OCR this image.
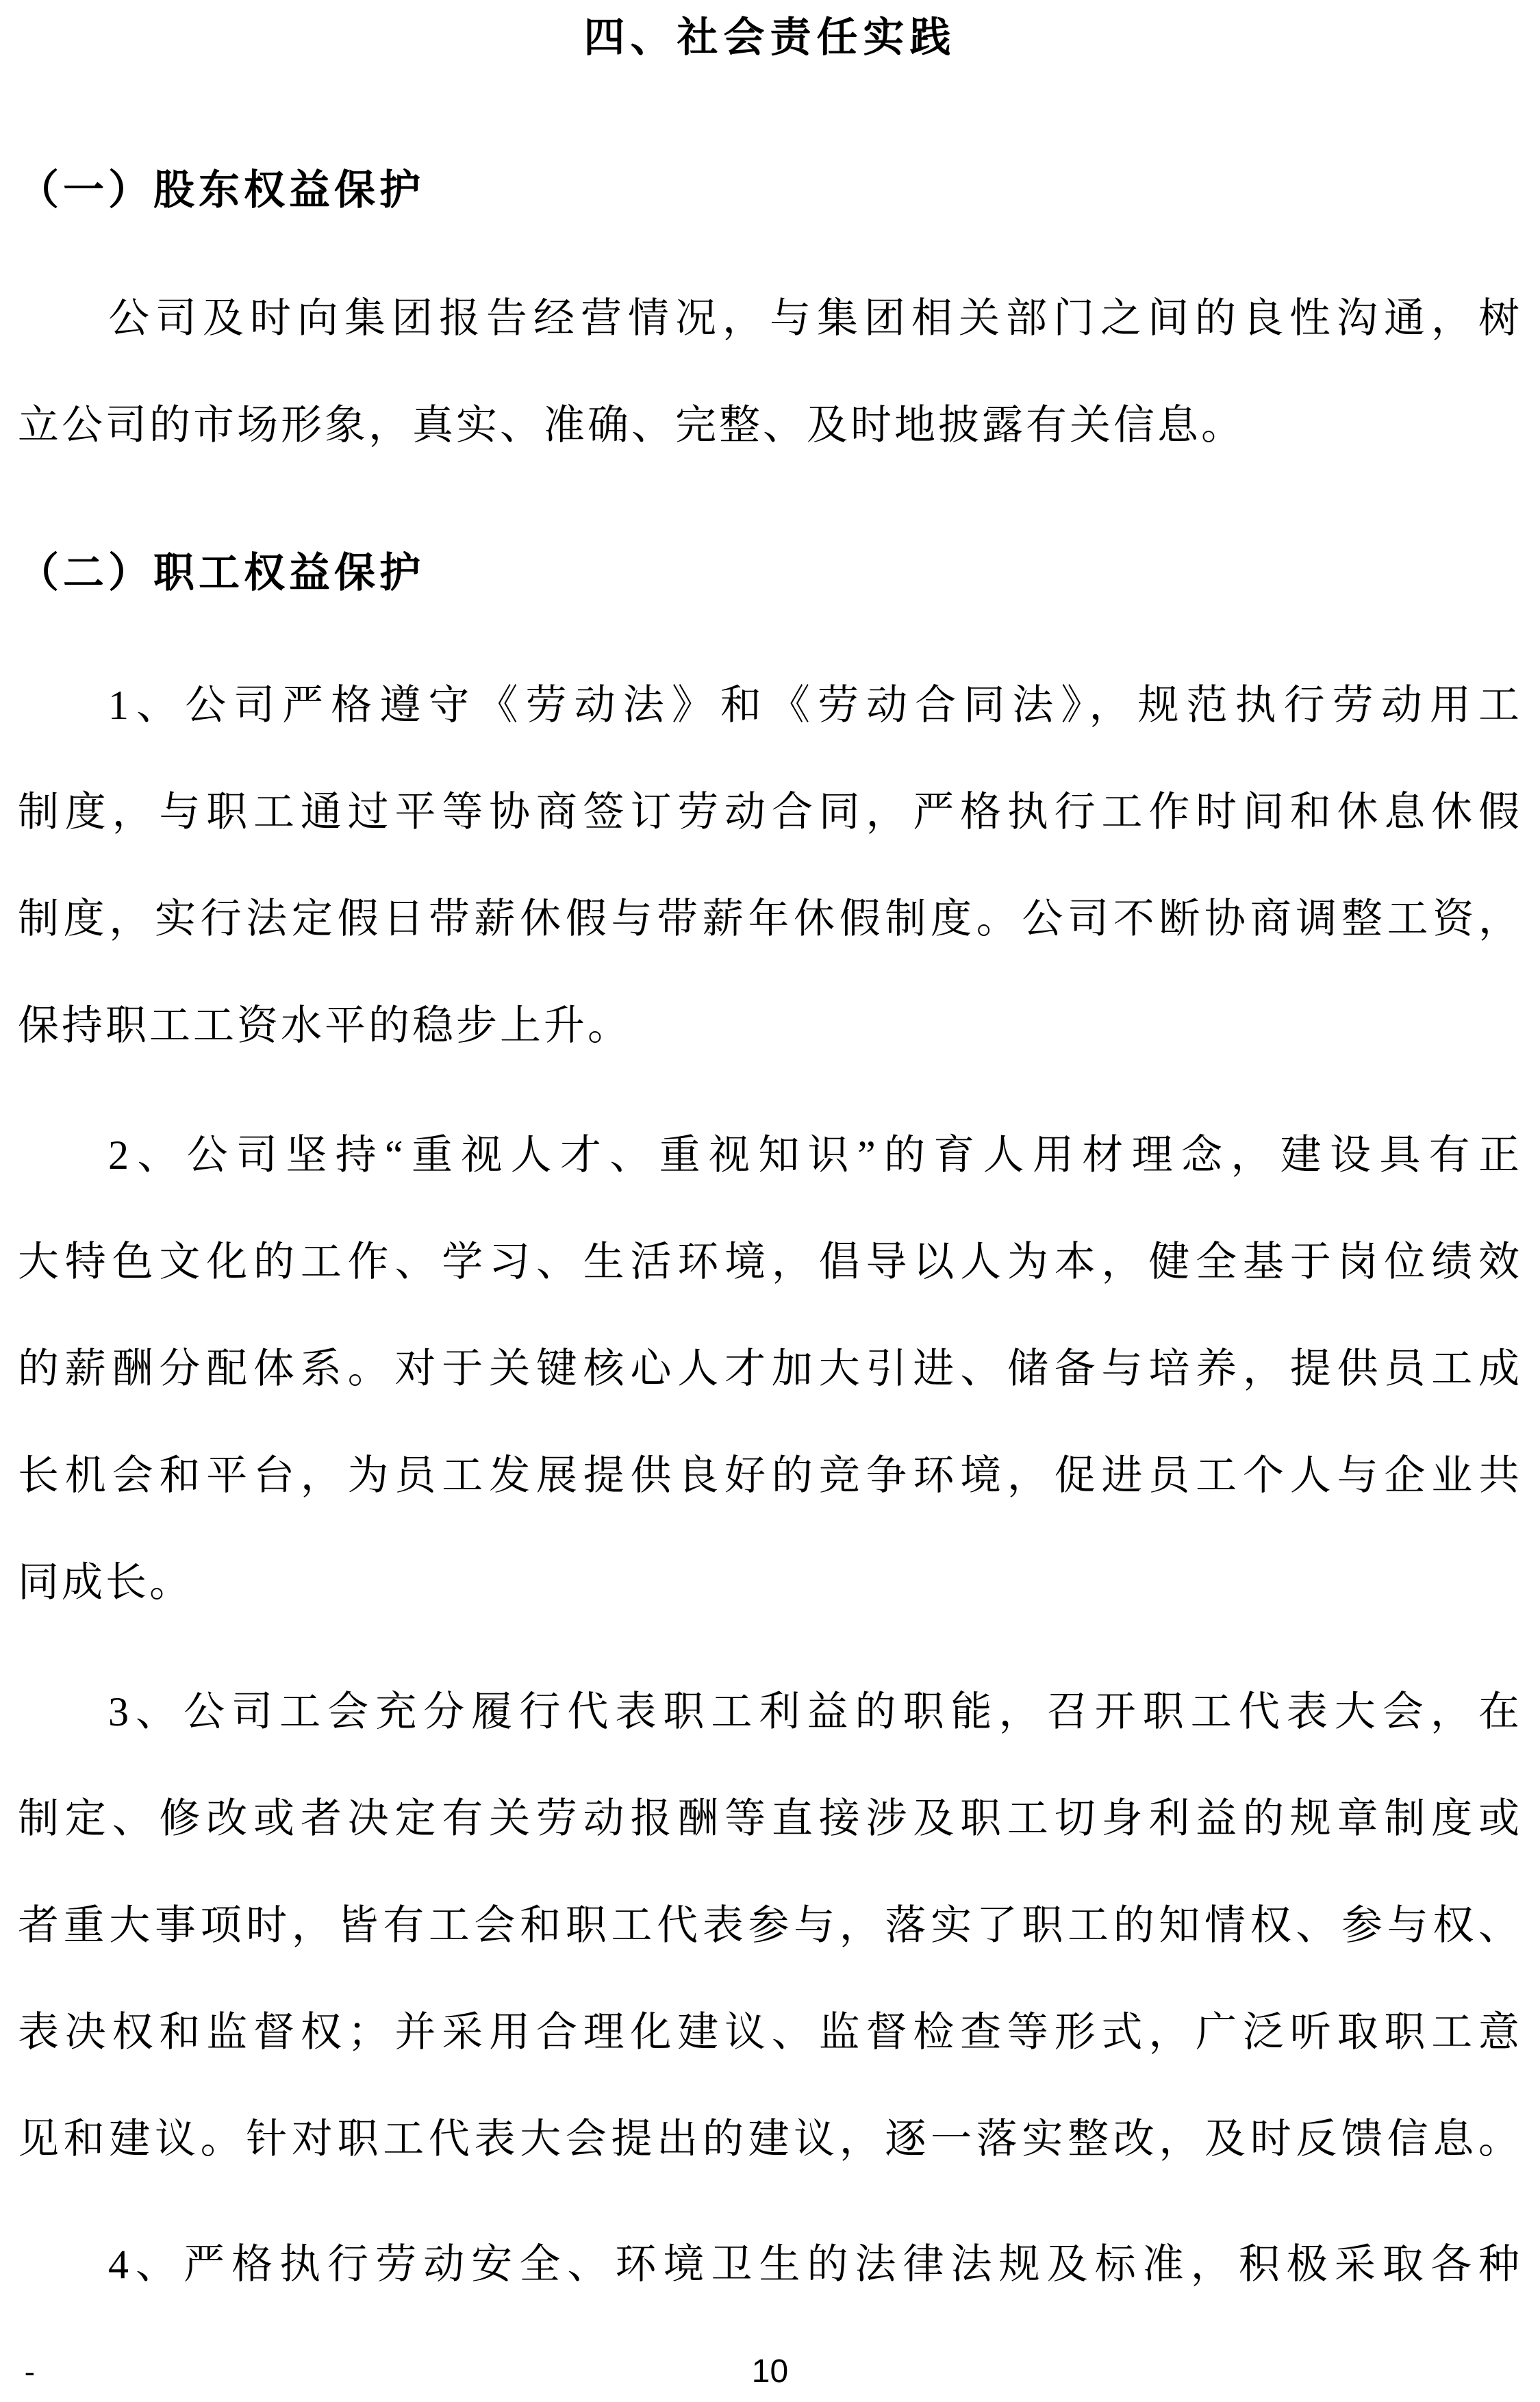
四、社会责任实践
（一）股东权益保护
公司及时向集团报告经营情况，与集团相关部门之间的良性沟通，树
立公司的市场形象，真实、准确、完整、及时地披露有关信息。
（二）职工权益保护
1、公司严格遵守《劳动法》和《劳动合同法》，规范执行劳动用工
制度，与职工通过平等协商签订劳动合同，严格执行工作时间和休息休假
制度，实行法定假日带薪休假与带薪年休假制度。公司不断协商调整工资，
保持职工工资水平的稳步上升。
2、公司坚持“重视人才、重视知识”的育人用材理念，建设具有正
大特色文化的工作、学习、生活环境，倡导以人为本，健全基于岗位绩效
的薪酬分配体系。对于关键核心人才加大引进、储备与培养，提供员工成
长机会和平台，为员工发展提供良好的竞争环境，促进员工个人与企业共
同成长。
3、公司工会充分履行代表职工利益的职能，召开职工代表大会，在
制定、修改或者决定有关劳动报酬等直接涉及职工切身利益的规章制度或
者重大事项时，皆有工会和职工代表参与，落实了职工的知情权、参与权、
表决权和监督权；并采用合理化建议、监督检查等形式，广泛听取职工意
见和建议。针对职工代表大会提出的建议，逐一落实整改，及时反馈信息。
4、严格执行劳动安全、环境卫生的法律法规及标准，积极采取各种
-	10
